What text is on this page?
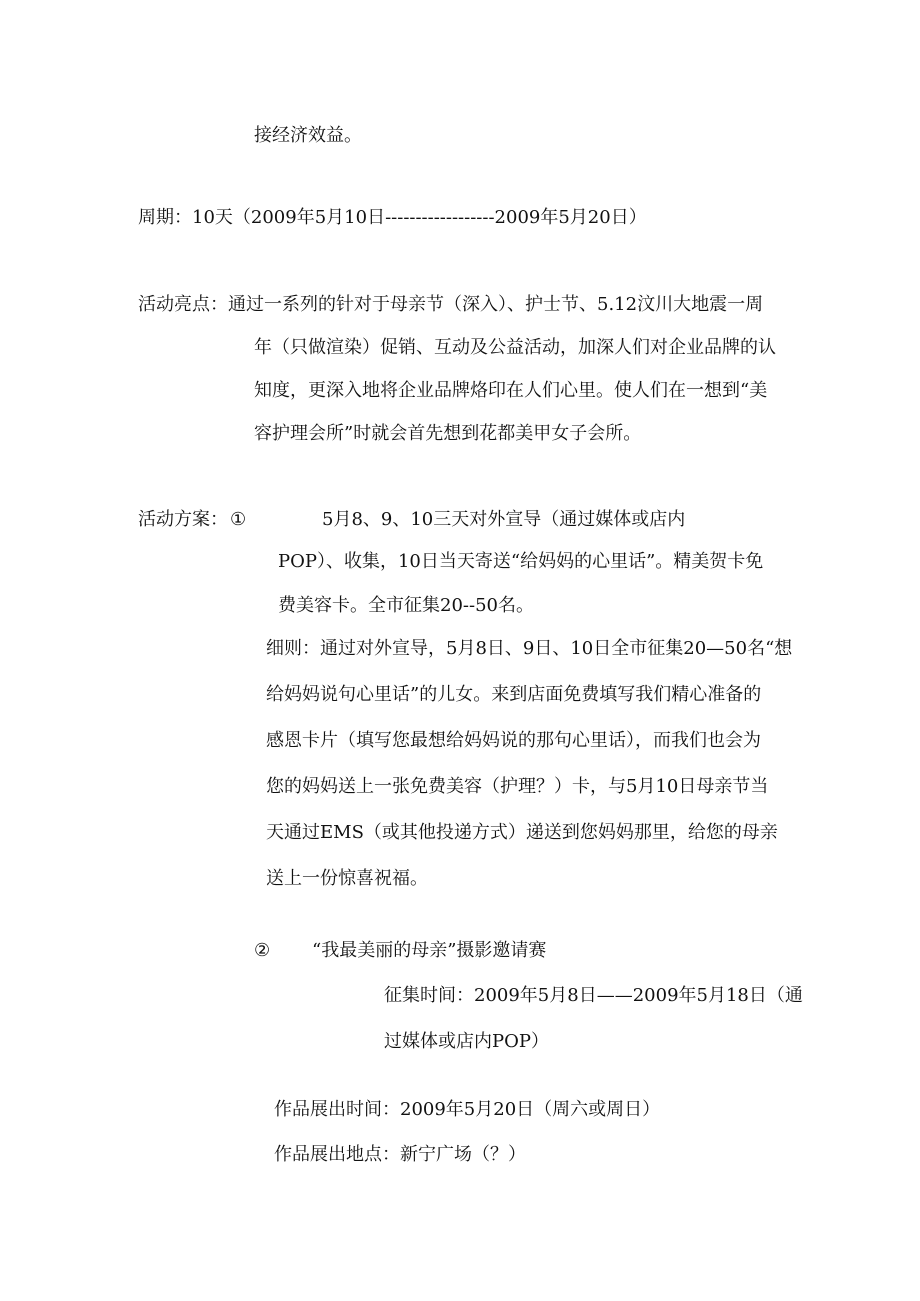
接经济效益。
周期：10天（2009年5月10日------------------2009年5月20日）
活动亮点： 通过一系列的针对于母亲节（深入）、护士节、5.12汶川大地震一周
年（只做渲染）促销、互动及公益活动，加深人们对企业品牌的认
知度，更深入地将企业品牌烙印在人们心里。使人们在一想到“美
容护理会所”时就会首先想到花都美甲女子会所。
活动方案： ①	5月8、9、10三天对外宣导（通过媒体或店内
POP）、收集，10日当天寄送“给妈妈的心里话”。精美贺卡免
费美容卡。全市征集20--50名。
细则：通过对外宣导，5月8日、9日、10日全市征集20—50名“想
给妈妈说句心里话”的儿女。来到店面免费填写我们精心准备的
感恩卡片（填写您最想给妈妈说的那句心里话），而我们也会为
您的妈妈送上一张免费美容（护理？）卡，与5月10日母亲节当
天通过EMS（或其他投递方式）递送到您妈妈那里，给您的母亲
送上一份惊喜祝福。
② “我最美丽的母亲”摄影邀请赛
征集时间：2009年5月8日——2009年5月18日（通
过媒体或店内POP）
作品展出时间：2009年5月20日（周六或周日）
作品展出地点：新宁广场（？）
